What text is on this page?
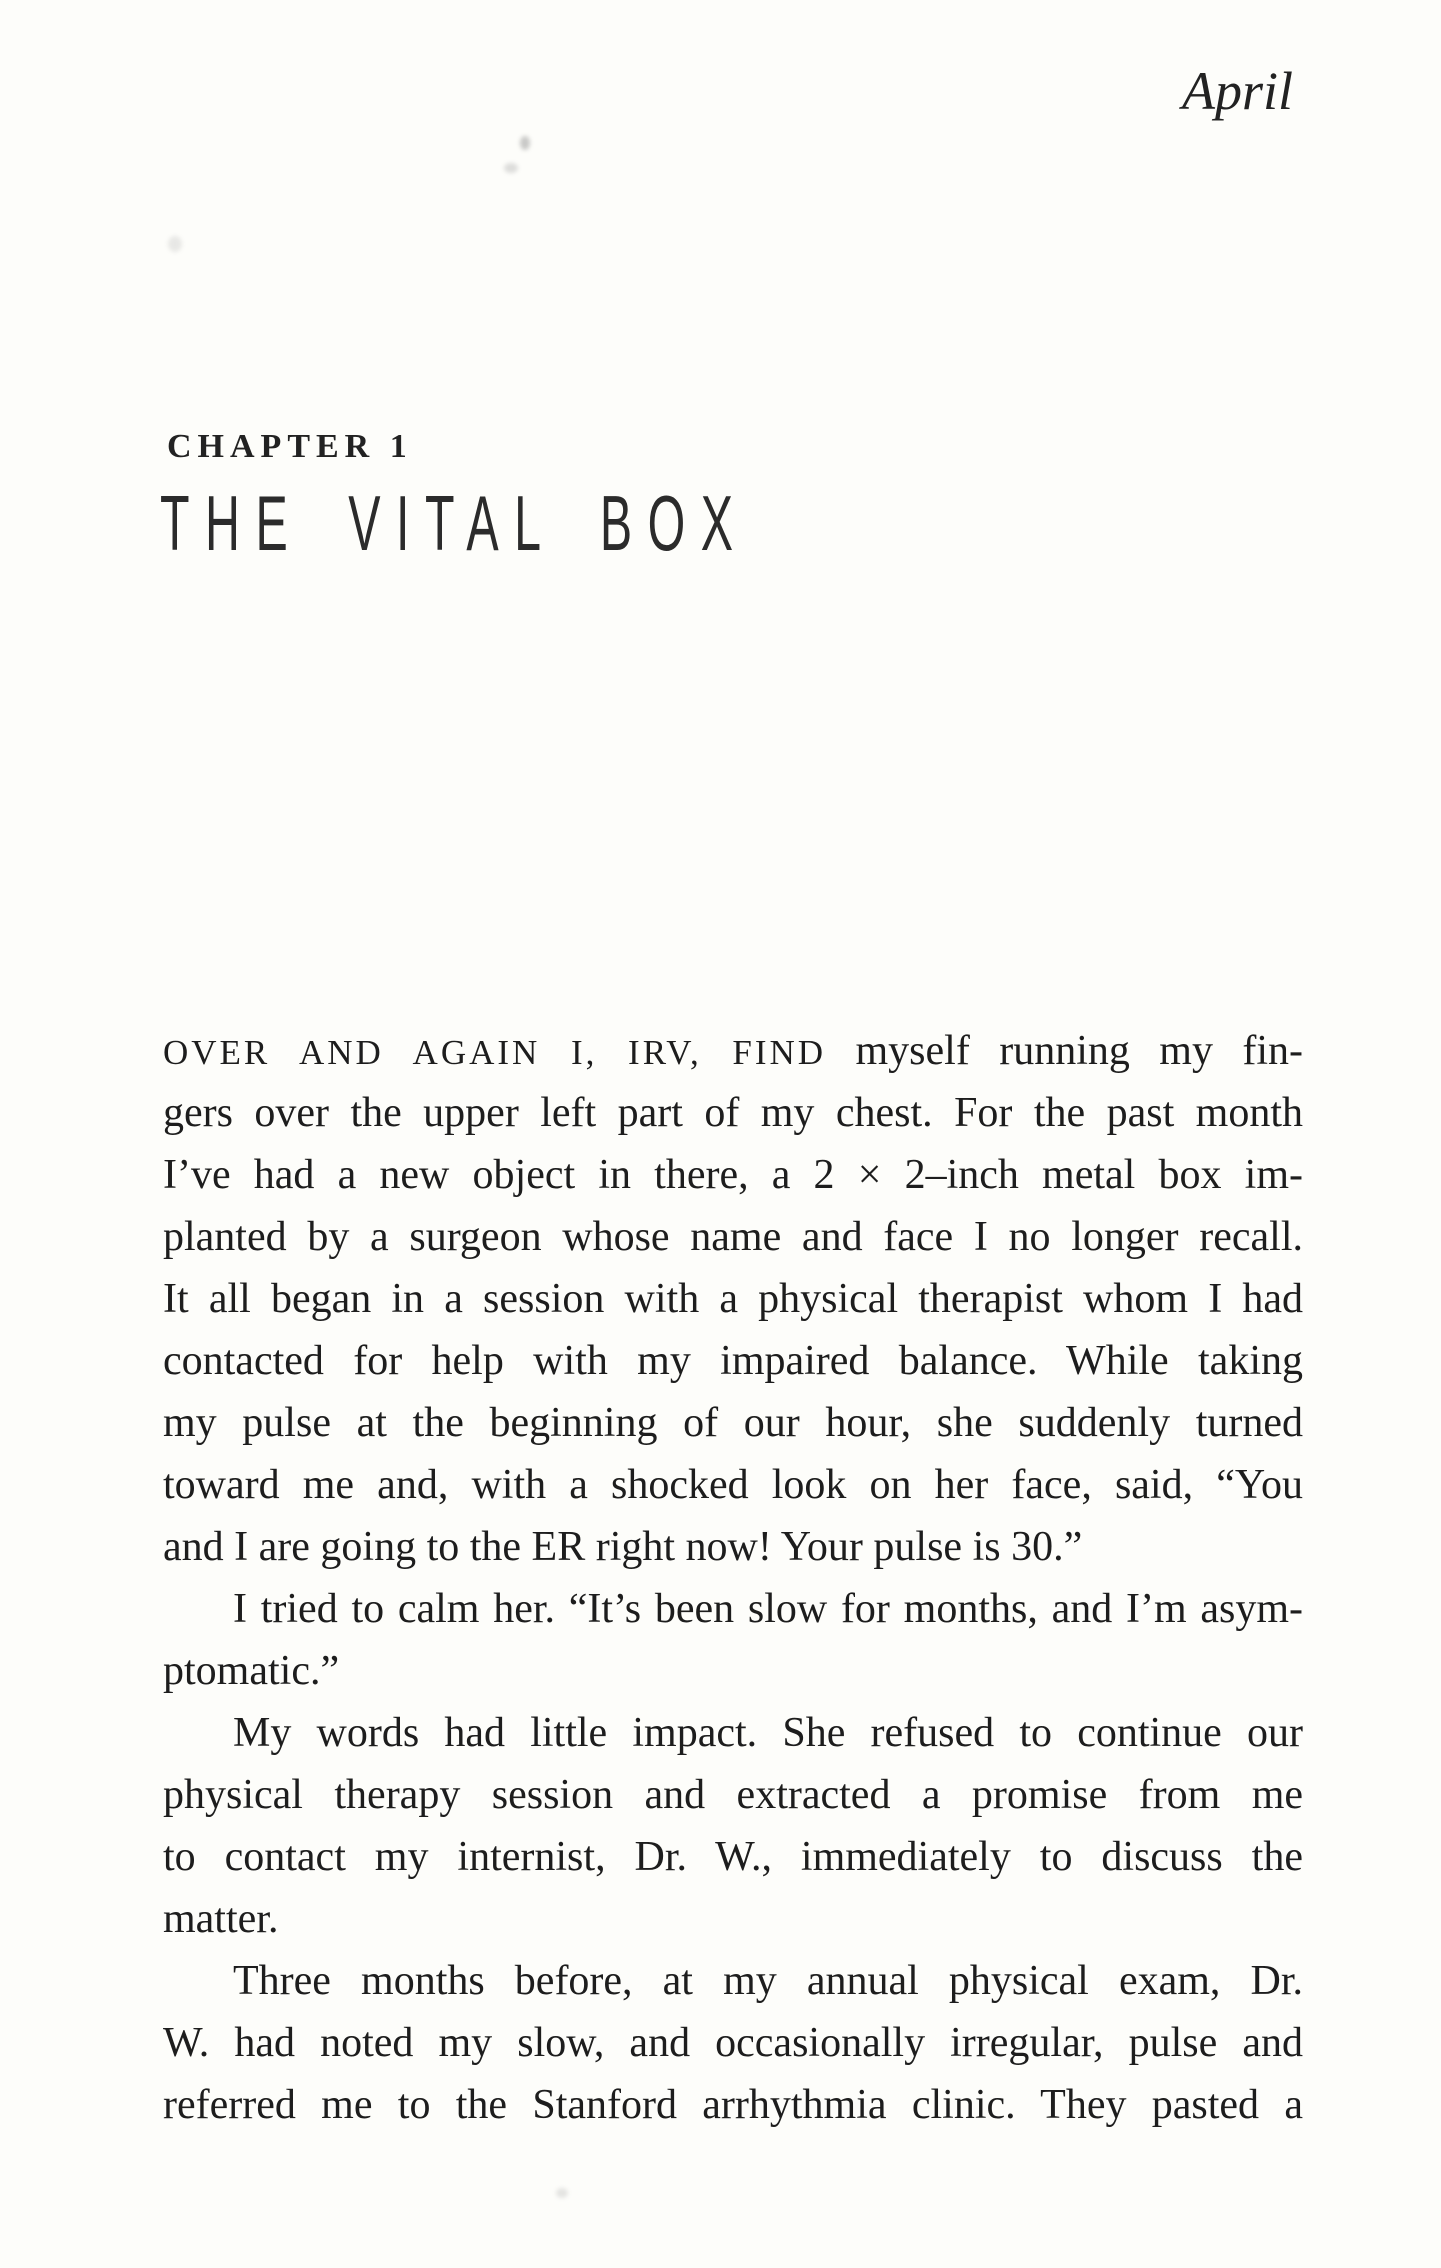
April
CHAPTER 1
THE VITAL BOX
OVER AND AGAIN I, IRV, FIND myself running my fin-
gers over the upper left part of my chest. For the past month
I’ve had a new object in there, a 2 × 2–inch metal box im-
planted by a surgeon whose name and face I no longer recall.
It all began in a session with a physical therapist whom I had
contacted for help with my impaired balance. While taking
my pulse at the beginning of our hour, she suddenly turned
toward me and, with a shocked look on her face, said, “You
and I are going to the ER right now! Your pulse is 30.”
I tried to calm her. “It’s been slow for months, and I’m asym-
ptomatic.”
My words had little impact. She refused to continue our
physical therapy session and extracted a promise from me
to contact my internist, Dr. W., immediately to discuss the
matter.
Three months before, at my annual physical exam, Dr.
W. had noted my slow, and occasionally irregular, pulse and
referred me to the Stanford arrhythmia clinic. They pasted a
